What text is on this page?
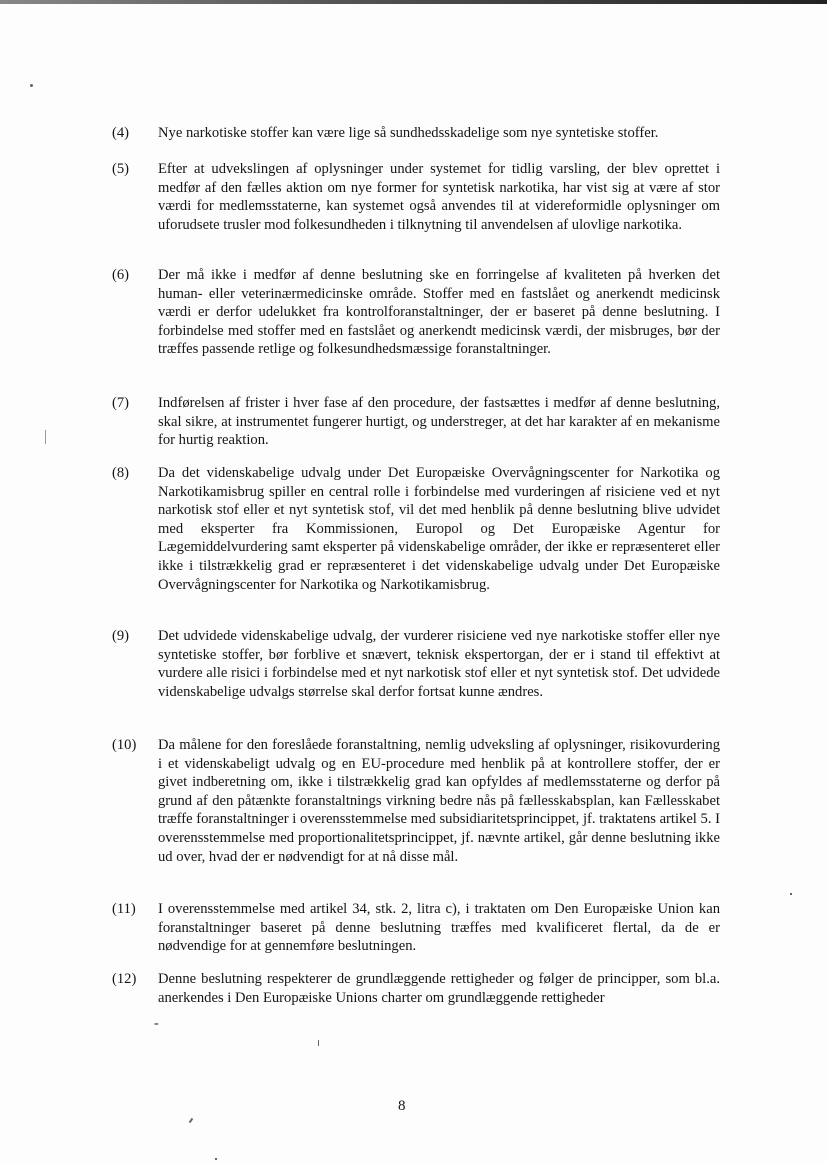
(4)	Nye narkotiske stoffer kan være lige så sundhedsskadelige som nye syntetiske stoffer.
(5)	Efter at udvekslingen af oplysninger under systemet for tidlig varsling, der blev oprettet i medfør af den fælles aktion om nye former for syntetisk narkotika, har vist sig at være af stor værdi for medlemsstaterne, kan systemet også anvendes til at videreformidle oplysninger om uforudsete trusler mod folkesundheden i tilknytning til anvendelsen af ulovlige narkotika.
(6)	Der må ikke i medfør af denne beslutning ske en forringelse af kvaliteten på hverken det human- eller veterinærmedicinske område. Stoffer med en fastslået og anerkendt medicinsk værdi er derfor udelukket fra kontrolforanstaltninger, der er baseret på denne beslutning. I forbindelse med stoffer med en fastslået og anerkendt medicinsk værdi, der misbruges, bør der træffes passende retlige og folkesundhedsmæssige foranstaltninger.
(7)	Indførelsen af frister i hver fase af den procedure, der fastsættes i medfør af denne beslutning, skal sikre, at instrumentet fungerer hurtigt, og understreger, at det har karakter af en mekanisme for hurtig reaktion.
(8)	Da det videnskabelige udvalg under Det Europæiske Overvågningscenter for Narkotika og Narkotikamisbrug spiller en central rolle i forbindelse med vurderingen af risiciene ved et nyt narkotisk stof eller et nyt syntetisk stof, vil det med henblik på denne beslutning blive udvidet med eksperter fra Kommissionen, Europol og Det Europæiske Agentur for Lægemiddelvurdering samt eksperter på videnskabelige områder, der ikke er repræsenteret eller ikke i tilstrækkelig grad er repræsenteret i det videnskabelige udvalg under Det Europæiske Overvågningscenter for Narkotika og Narkotikamisbrug.
(9)	Det udvidede videnskabelige udvalg, der vurderer risiciene ved nye narkotiske stoffer eller nye syntetiske stoffer, bør forblive et snævert, teknisk ekspertorgan, der er i stand til effektivt at vurdere alle risici i forbindelse med et nyt narkotisk stof eller et nyt syntetisk stof. Det udvidede videnskabelige udvalgs størrelse skal derfor fortsat kunne ændres.
(10)	Da målene for den foreslåede foranstaltning, nemlig udveksling af oplysninger, risikovurdering i et videnskabeligt udvalg og en EU-procedure med henblik på at kontrollere stoffer, der er givet indberetning om, ikke i tilstrækkelig grad kan opfyldes af medlemsstaterne og derfor på grund af den påtænkte foranstaltnings virkning bedre nås på fællesskabsplan, kan Fællesskabet træffe foranstaltninger i overensstemmelse med subsidiaritetsprincippet, jf. traktatens artikel 5. I overensstemmelse med proportionalitetsprincippet, jf. nævnte artikel, går denne beslutning ikke ud over, hvad der er nødvendigt for at nå disse mål.
(11)	I overensstemmelse med artikel 34, stk. 2, litra c), i traktaten om Den Europæiske Union kan foranstaltninger baseret på denne beslutning træffes med kvalificeret flertal, da de er nødvendige for at gennemføre beslutningen.
(12)	Denne beslutning respekterer de grundlæggende rettigheder og følger de principper, som bl.a. anerkendes i Den Europæiske Unions charter om grundlæggende rettigheder
-
8
